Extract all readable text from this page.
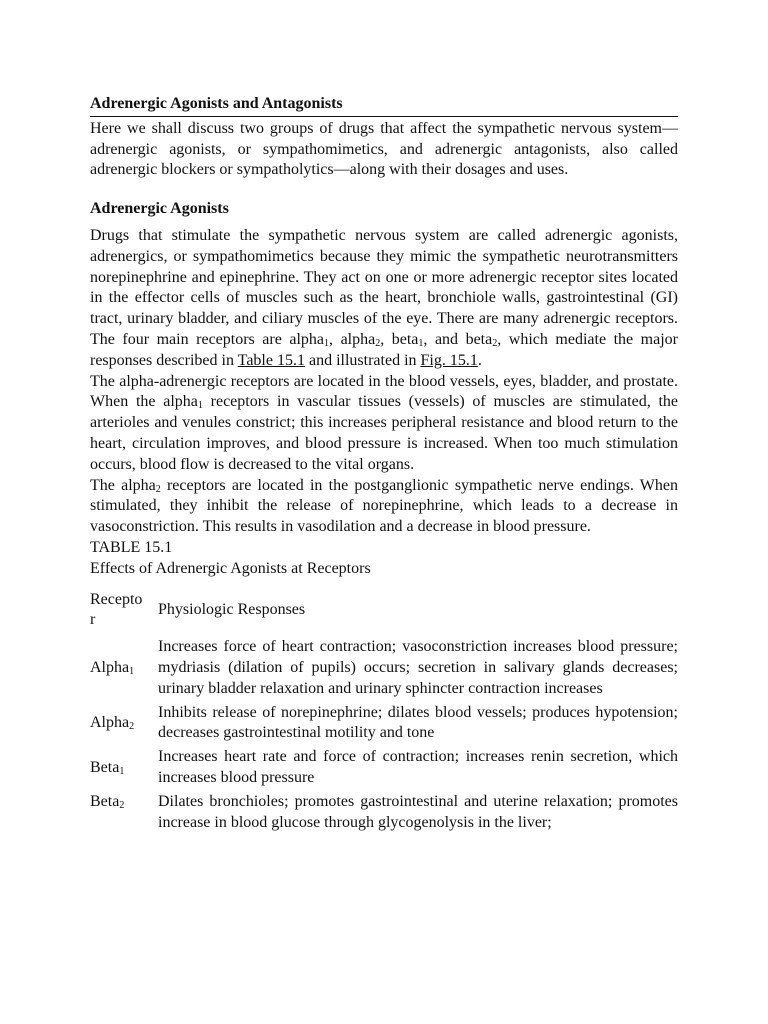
Adrenergic Agonists and Antagonists

Here we shall discuss two groups of drugs that affect the sympathetic nervous system—adrenergic agonists, or sympathomimetics, and adrenergic antagonists, also called adrenergic blockers or sympatholytics—along with their dosages and uses.

Adrenergic Agonists

Drugs that stimulate the sympathetic nervous system are called adrenergic agonists, adrenergics, or sympathomimetics because they mimic the sympathetic neurotransmitters norepinephrine and epinephrine. They act on one or more adrenergic receptor sites located in the effector cells of muscles such as the heart, bronchiole walls, gastrointestinal (GI) tract, urinary bladder, and ciliary muscles of the eye. There are many adrenergic receptors. The four main receptors are alpha$_1$, alpha$_2$, beta$_1$, and beta$_2$, which mediate the major responses described in Table 15.1 and illustrated in Fig. 15.1.

The alpha-adrenergic receptors are located in the blood vessels, eyes, bladder, and prostate. When the alpha$_1$ receptors in vascular tissues (vessels) of muscles are stimulated, the arterioles and venules constrict; this increases peripheral resistance and blood return to the heart, circulation improves, and blood pressure is increased. When too much stimulation occurs, blood flow is decreased to the vital organs.

The alpha$_2$ receptors are located in the postganglionic sympathetic nerve endings. When stimulated, they inhibit the release of norepinephrine, which leads to a decrease in vasoconstriction. This results in vasodilation and a decrease in blood pressure.

TABLE 15.1
Effects of Adrenergic Agonists at Receptors
Recepto
r	Physiologic Responses
Alpha$_1$	Increases force of heart contraction; vasoconstriction increases blood pressure; mydriasis (dilation of pupils) occurs; secretion in salivary glands decreases; urinary bladder relaxation and urinary sphincter contraction increases
Alpha$_2$	Inhibits release of norepinephrine; dilates blood vessels; produces hypotension; decreases gastrointestinal motility and tone
Beta$_1$	Increases heart rate and force of contraction; increases renin secretion, which increases blood pressure
Beta$_2$	Dilates bronchioles; promotes gastrointestinal and uterine relaxation; promotes increase in blood glucose through glycogenolysis in the liver;
